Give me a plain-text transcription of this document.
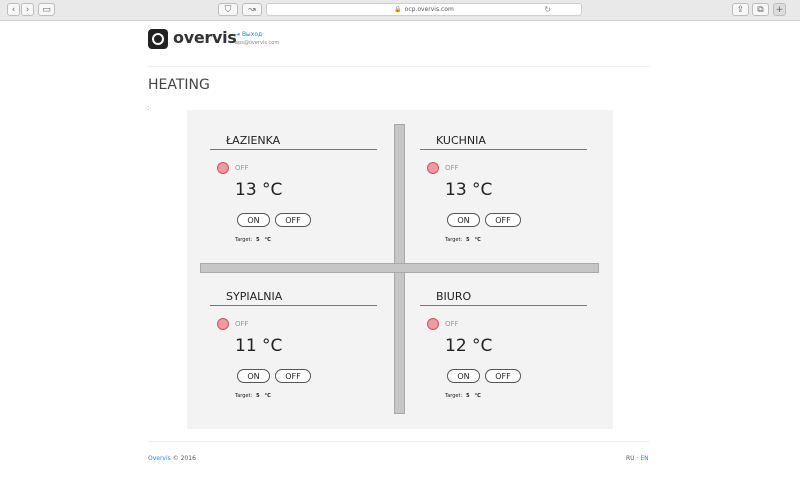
‹	›	▭	⛉	↝	🔒 ocp.overvis.com	↻	⇪	⧉	+
overvis
⇥ Выход
aps@overvis.com
HEATING
⁘
ŁAZIENKA
OFF
13 °C
ON	OFF
Target: 5 °C
KUCHNIA
OFF
13 °C
ON	OFF
Target: 5 °C
SYPIALNIA
OFF
11 °C
ON	OFF
Target: 5 °C
BIURO
OFF
12 °C
ON	OFF
Target: 5 °C
Overvis © 2016	RU · EN
